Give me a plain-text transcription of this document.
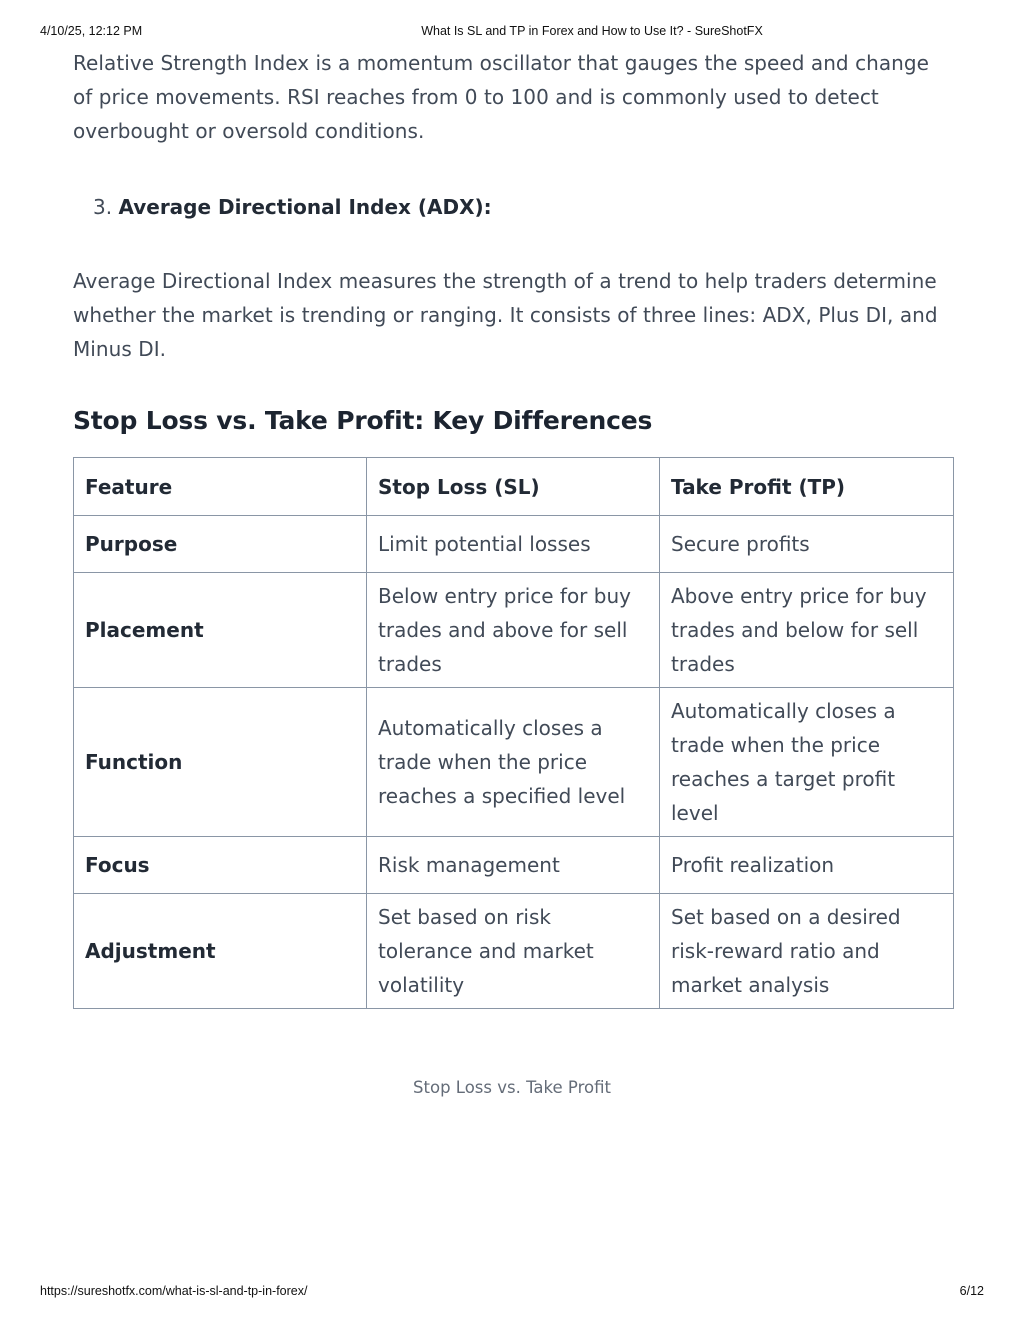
4/10/25, 12:12 PM	What Is SL and TP in Forex and How to Use It? - SureShotFX

Relative Strength Index is a momentum oscillator that gauges the speed and change of price movements. RSI reaches from 0 to 100 and is commonly used to detect overbought or oversold conditions.

3. Average Directional Index (ADX):

Average Directional Index measures the strength of a trend to help traders determine whether the market is trending or ranging. It consists of three lines: ADX, Plus DI, and Minus DI.

Stop Loss vs. Take Profit: Key Differences
Feature	Stop Loss (SL)	Take Profit (TP)
Purpose	Limit potential losses	Secure profits
Placement	Below entry price for buy trades and above for sell trades	Above entry price for buy trades and below for sell trades
Function	Automatically closes a trade when the price reaches a specified level	Automatically closes a trade when the price reaches a target profit level
Focus	Risk management	Profit realization
Adjustment	Set based on risk tolerance and market volatility	Set based on a desired risk-reward ratio and market analysis
Stop Loss vs. Take Profit
https://sureshotfx.com/what-is-sl-and-tp-in-forex/	6/12
